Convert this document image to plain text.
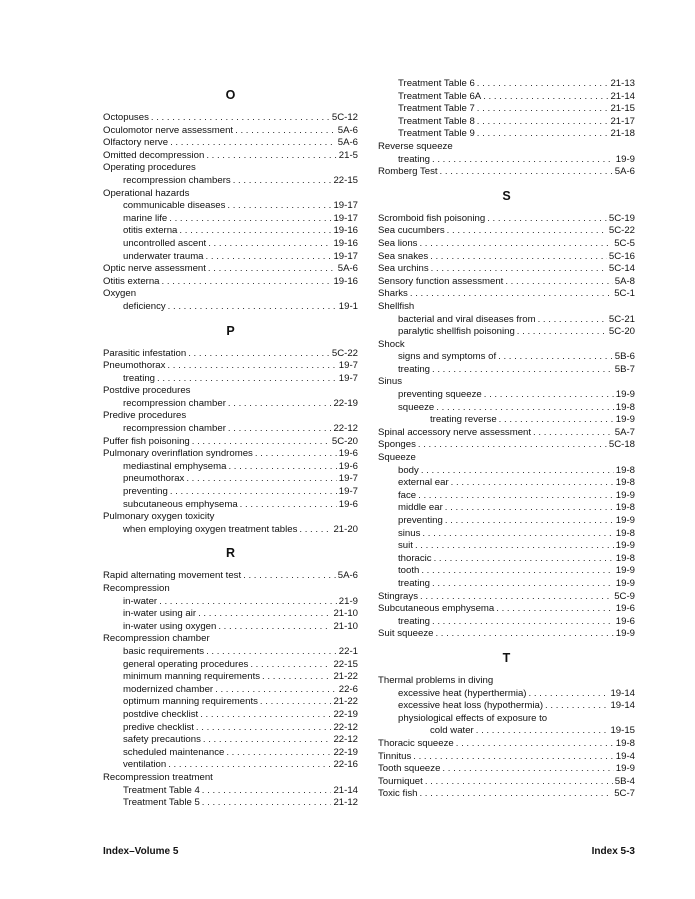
O
Octopuses . . .	5C-12
Oculomotor nerve assessment . . .	5A-6
Olfactory nerve . . .	5A-6
Omitted decompression . . .	21-5
Operating procedures
recompression chambers . . .	22-15
Operational hazards
communicable diseases . . .	19-17
marine life . . .	19-17
otitis externa . . .	19-16
uncontrolled ascent . . .	19-16
underwater trauma . . .	19-17
Optic nerve assessment . . .	5A-6
Otitis externa . . .	19-16
Oxygen
deficiency . . .	19-1
P
Parasitic infestation . . .	5C-22
Pneumothorax . . .	19-7
treating . . .	19-7
Postdive procedures
recompression chamber . . .	22-19
Predive procedures
recompression chamber . . .	22-12
Puffer fish poisoning . . .	5C-20
Pulmonary overinflation syndromes . . .	19-6
mediastinal emphysema . . .	19-6
pneumothorax . . .	19-7
preventing . . .	19-7
subcutaneous emphysema . . .	19-6
Pulmonary oxygen toxicity
when employing oxygen treatment tables . . .	21-20
R
Rapid alternating movement test . . .	5A-6
Recompression
in-water . . .	21-9
in-water using air . . .	21-10
in-water using oxygen . . .	21-10
Recompression chamber
basic requirements . . .	22-1
general operating procedures . . .	22-15
minimum manning requirements . . .	21-22
modernized chamber . . .	22-6
optimum manning requirements . . .	21-22
postdive checklist . . .	22-19
predive checklist . . .	22-12
safety precautions . . .	22-12
scheduled maintenance . . .	22-19
ventilation . . .	22-16
Recompression treatment
Treatment Table 4 . . .	21-14
Treatment Table 5 . . .	21-12
Treatment Table 6 . . .	21-13
Treatment Table 6A . . .	21-14
Treatment Table 7 . . .	21-15
Treatment Table 8 . . .	21-17
Treatment Table 9 . . .	21-18
Reverse squeeze
treating . . .	19-9
Romberg Test . . .	5A-6
S
Scromboid fish poisoning . . .	5C-19
Sea cucumbers . . .	5C-22
Sea lions . . .	5C-5
Sea snakes . . .	5C-16
Sea urchins . . .	5C-14
Sensory function assessment . . .	5A-8
Sharks . . .	5C-1
Shellfish
bacterial and viral diseases from . . .	5C-21
paralytic shellfish poisoning . . .	5C-20
Shock
signs and symptoms of . . .	5B-6
treating . . .	5B-7
Sinus
preventing squeeze . . .	19-9
squeeze . . .	19-8
treating reverse . . .	19-9
Spinal accessory nerve assessment . . .	5A-7
Sponges . . .	5C-18
Squeeze
body . . .	19-8
external ear . . .	19-8
face . . .	19-9
middle ear . . .	19-8
preventing . . .	19-9
sinus . . .	19-8
suit . . .	19-9
thoracic . . .	19-8
tooth . . .	19-9
treating . . .	19-9
Stingrays . . .	5C-9
Subcutaneous emphysema . . .	19-6
treating . . .	19-6
Suit squeeze . . .	19-9
T
Thermal problems in diving
excessive heat (hyperthermia) . . .	19-14
excessive heat loss (hypothermia) . . .	19-14
physiological effects of exposure to
cold water . . .	19-15
Thoracic squeeze . . .	19-8
Tinnitus . . .	19-4
Tooth squeeze . . .	19-9
Tourniquet . . .	5B-4
Toxic fish . . .	5C-7
Index–Volume 5	Index 5-3
